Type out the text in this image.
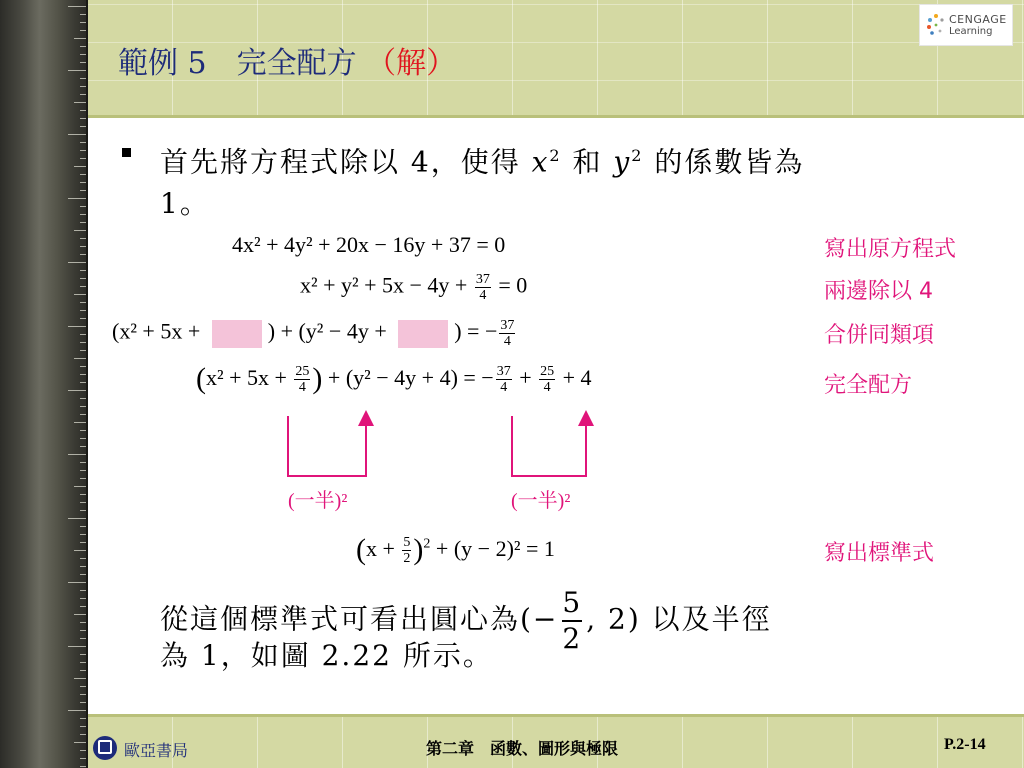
範例 5　完全配方 （解）
CENGAGE
Learning
首先將方程式除以 4，使得 $x^2$ 和 $y^2$ 的係數皆為
1。
4x² + 4y² + 20x − 16y + 37 = 0
$x^2 + y^2 + 5x - 4y + \frac{37}{4} = 0$
(x² + 5x +	) + (y² − 4y +	) = − $\frac{37}{4}$
($x^2 + 5x + \frac{25}{4}$ ) + (y² − 4y + 4) = − $\frac{37}{4} + \frac{25}{4} + 4$
(一半)²	(一半)²
$(x + \frac{5}{2} )^2 + (y - 2)^2 = 1$
寫出原方程式
兩邊除以 4
合併同類項
完全配方
寫出標準式
從這個標準式可看出圓心為(− $\frac{5}{2}$ , 2) 以及半徑
為 1，如圖 2.22 所示。
歐亞書局	第二章　函數、圖形與極限	P.2-14
